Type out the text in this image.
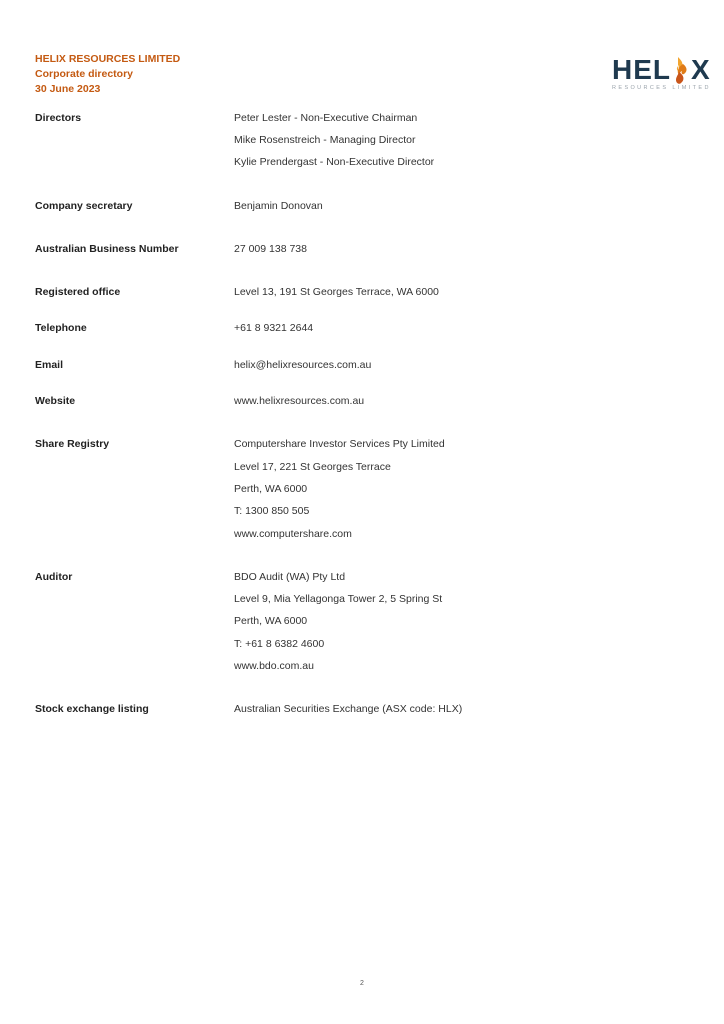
HELIX RESOURCES LIMITED
Corporate directory
30 June 2023
HEL X
RESOURCES LIMITED
Directors	Peter Lester - Non-Executive Chairman
Mike Rosenstreich - Managing Director
Kylie Prendergast - Non-Executive Director
Company secretary	Benjamin Donovan
Australian Business Number	27 009 138 738
Registered office	Level 13, 191 St Georges Terrace, WA 6000
Telephone	+61 8 9321 2644
Email	helix@helixresources.com.au
Website	www.helixresources.com.au
Share Registry	Computershare Investor Services Pty Limited
Level 17, 221 St Georges Terrace
Perth, WA 6000
T: 1300 850 505
www.computershare.com
Auditor	BDO Audit (WA) Pty Ltd
Level 9, Mia Yellagonga Tower 2, 5 Spring St
Perth, WA 6000
T: +61 8 6382 4600
www.bdo.com.au
Stock exchange listing	Australian Securities Exchange (ASX code: HLX)
2
